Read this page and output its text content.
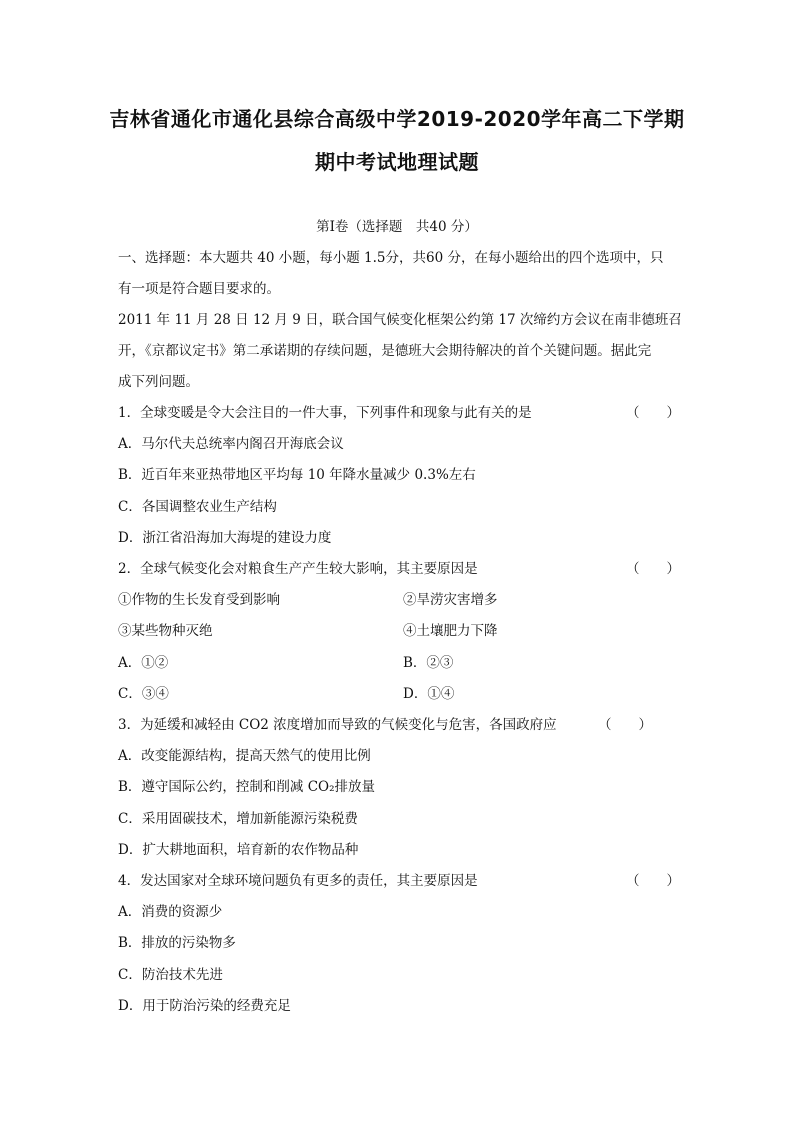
吉林省通化市通化县综合高级中学2019-2020学年高二下学期
期中考试地理试题
第Ⅰ卷（选择题　共40 分）
一、选择题：本大题共 40 小题，每小题 1.5分，共60 分，在每小题给出的四个选项中，只
有一项是符合题目要求的。
2011 年 11 月 28 日 12 月 9 日，联合国气候变化框架公约第 17 次缔约方会议在南非德班召
开，《京都议定书》第二承诺期的存续问题，是德班大会期待解决的首个关键问题。据此完
成下列问题。
1．全球变暖是令大会注目的一件大事，下列事件和现象与此有关的是	（　　）
A．马尔代夫总统率内阁召开海底会议
B．近百年来亚热带地区平均每 10 年降水量减少 0.3%左右
C．各国调整农业生产结构
D．浙江省沿海加大海堤的建设力度
2．全球气候变化会对粮食生产产生较大影响，其主要原因是	（　　）
①作物的生长发育受到影响	②旱涝灾害增多
③某些物种灭绝	④土壤肥力下降
A．①②	B．②③
C．③④	D．①④
3．为延缓和减轻由 CO2 浓度增加而导致的气候变化与危害，各国政府应	（　　）
A．改变能源结构，提高天然气的使用比例
B．遵守国际公约，控制和削减 CO₂排放量
C．采用固碳技术，增加新能源污染税费
D．扩大耕地面积，培育新的农作物品种
4．发达国家对全球环境问题负有更多的责任，其主要原因是	（　　）
A．消费的资源少
B．排放的污染物多
C．防治技术先进
D．用于防治污染的经费充足
